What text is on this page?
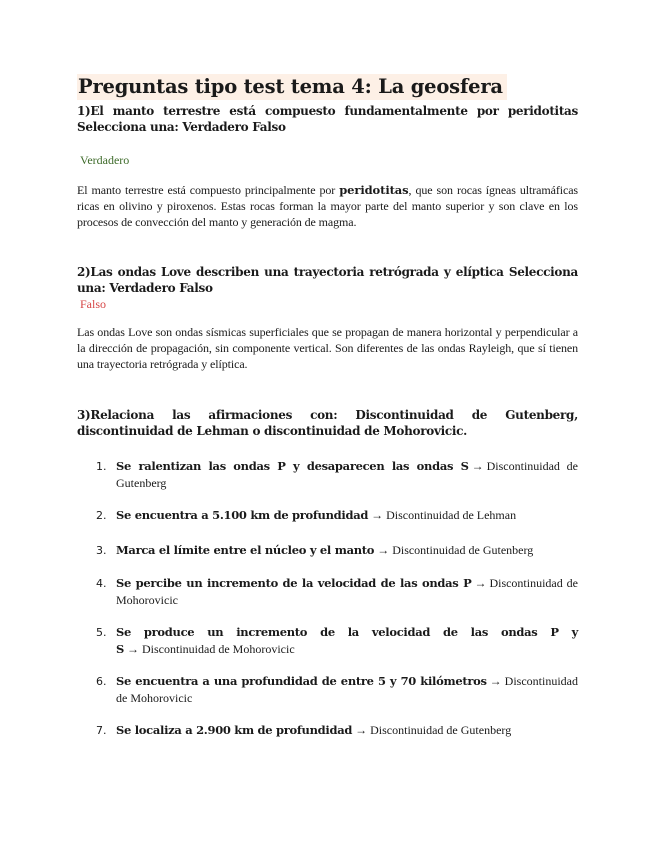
Preguntas tipo test tema 4: La geosfera

1)El manto terrestre está compuesto fundamentalmente por peridotitas Selecciona una: Verdadero Falso

Verdadero

El manto terrestre está compuesto principalmente por peridotitas, que son rocas ígneas ultramáficas ricas en olivino y piroxenos. Estas rocas forman la mayor parte del manto superior y son clave en los procesos de convección del manto y generación de magma.

2)Las ondas Love describen una trayectoria retrógrada y elíptica Selecciona una: Verdadero Falso

Falso

Las ondas Love son ondas sísmicas superficiales que se propagan de manera horizontal y perpendicular a la dirección de propagación, sin componente vertical. Son diferentes de las ondas Rayleigh, que sí tienen una trayectoria retrógrada y elíptica.

3)Relaciona las afirmaciones con: Discontinuidad de Gutenberg, discontinuidad de Lehman o discontinuidad de Mohorovicic.

1. Se ralentizan las ondas P y desaparecen las ondas S → Discontinuidad de Gutenberg
2. Se encuentra a 5.100 km de profundidad → Discontinuidad de Lehman
3. Marca el límite entre el núcleo y el manto → Discontinuidad de Gutenberg
4. Se percibe un incremento de la velocidad de las ondas P → Discontinuidad de Mohorovicic
5. Se produce un incremento de la velocidad de las ondas P y S → Discontinuidad de Mohorovicic
6. Se encuentra a una profundidad de entre 5 y 70 kilómetros → Discontinuidad de Mohorovicic
7. Se localiza a 2.900 km de profundidad → Discontinuidad de Gutenberg
